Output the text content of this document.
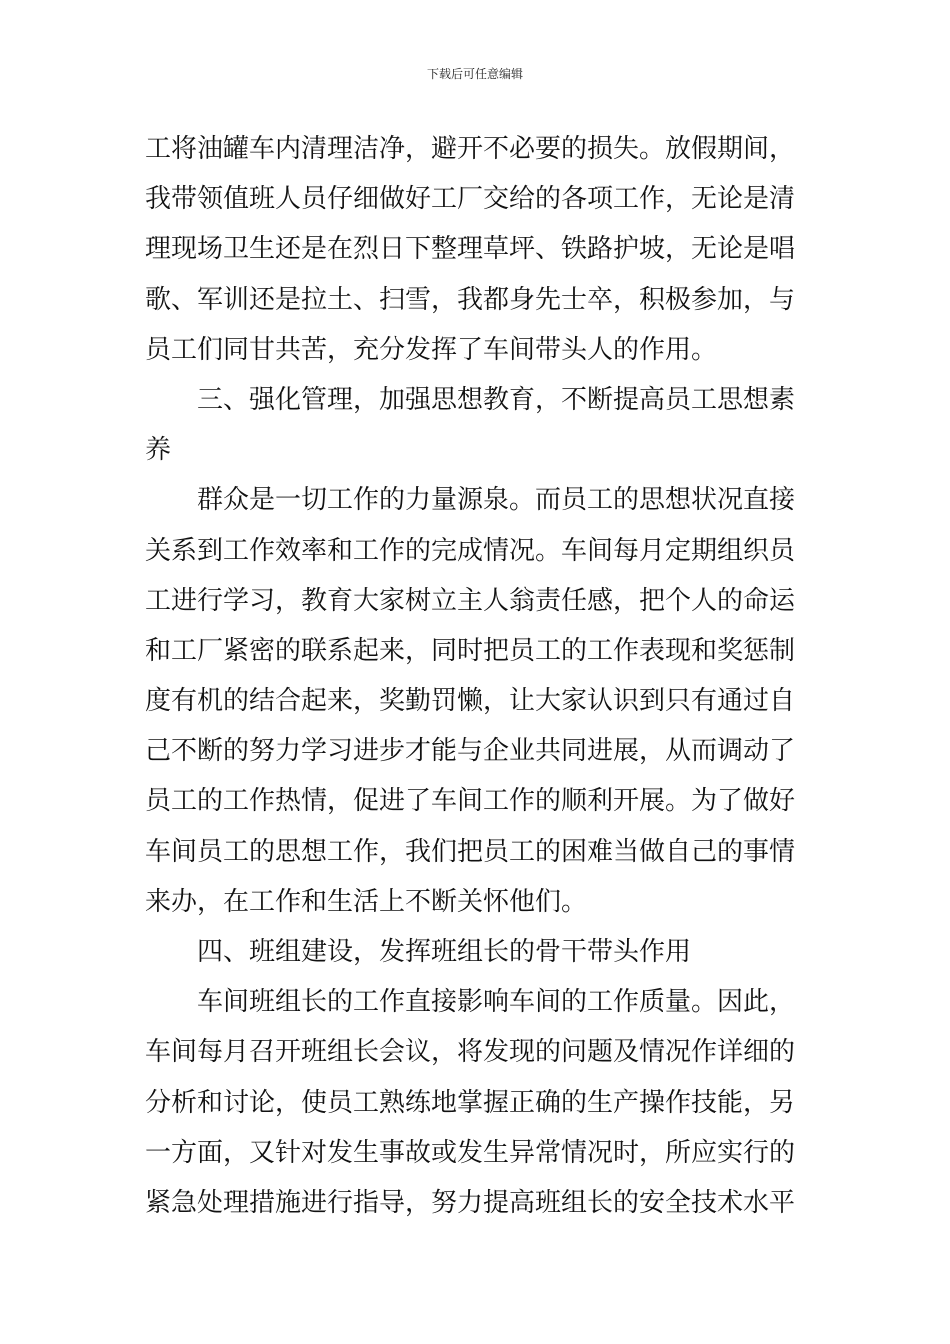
下载后可任意编辑
工将油罐车内清理洁净，避开不必要的损失。放假期间，
我带领值班人员仔细做好工厂交给的各项工作，无论是清
理现场卫生还是在烈日下整理草坪、铁路护坡，无论是唱
歌、军训还是拉土、扫雪，我都身先士卒，积极参加，与
员工们同甘共苦，充分发挥了车间带头人的作用。
三、强化管理，加强思想教育，不断提高员工思想素
养
群众是一切工作的力量源泉。而员工的思想状况直接
关系到工作效率和工作的完成情况。车间每月定期组织员
工进行学习，教育大家树立主人翁责任感，把个人的命运
和工厂紧密的联系起来，同时把员工的工作表现和奖惩制
度有机的结合起来，奖勤罚懒，让大家认识到只有通过自
己不断的努力学习进步才能与企业共同进展，从而调动了
员工的工作热情，促进了车间工作的顺利开展。为了做好
车间员工的思想工作，我们把员工的困难当做自己的事情
来办，在工作和生活上不断关怀他们。
四、班组建设，发挥班组长的骨干带头作用
车间班组长的工作直接影响车间的工作质量。因此，
车间每月召开班组长会议，将发现的问题及情况作详细的
分析和讨论，使员工熟练地掌握正确的生产操作技能，另
一方面，又针对发生事故或发生异常情况时，所应实行的
紧急处理措施进行指导，努力提高班组长的安全技术水平
